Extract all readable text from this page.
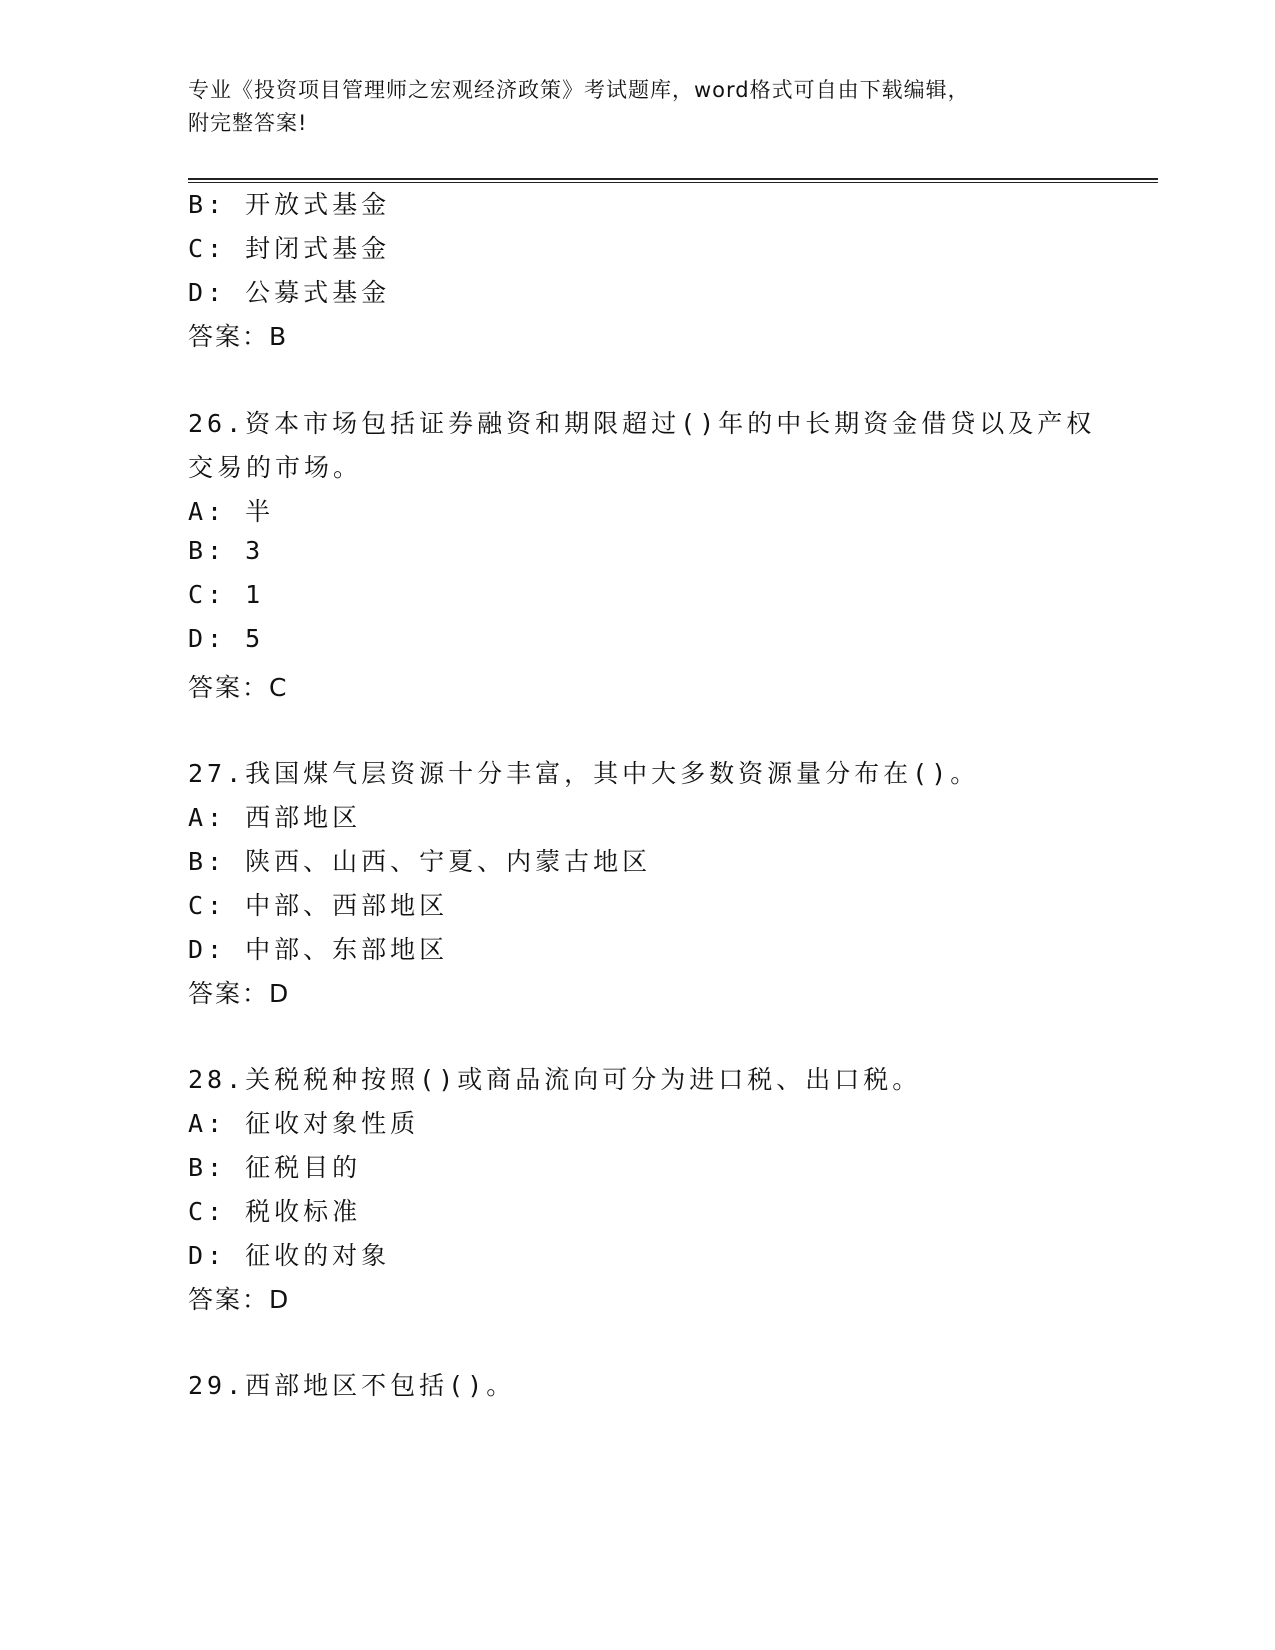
专业《投资项目管理师之宏观经济政策》考试题库，word格式可自由下载编辑，
附完整答案!
B: 开放式基金
C: 封闭式基金
D: 公募式基金
答案：B
26.资本市场包括证券融资和期限超过()年的中长期资金借贷以及产权
交易的市场。
A: 半
B: 3
C: 1
D: 5
答案：C
27.我国煤气层资源十分丰富，其中大多数资源量分布在()。
A: 西部地区
B: 陕西、山西、宁夏、内蒙古地区
C: 中部、西部地区
D: 中部、东部地区
答案：D
28.关税税种按照()或商品流向可分为进口税、出口税。
A: 征收对象性质
B: 征税目的
C: 税收标准
D: 征收的对象
答案：D
29.西部地区不包括()。
